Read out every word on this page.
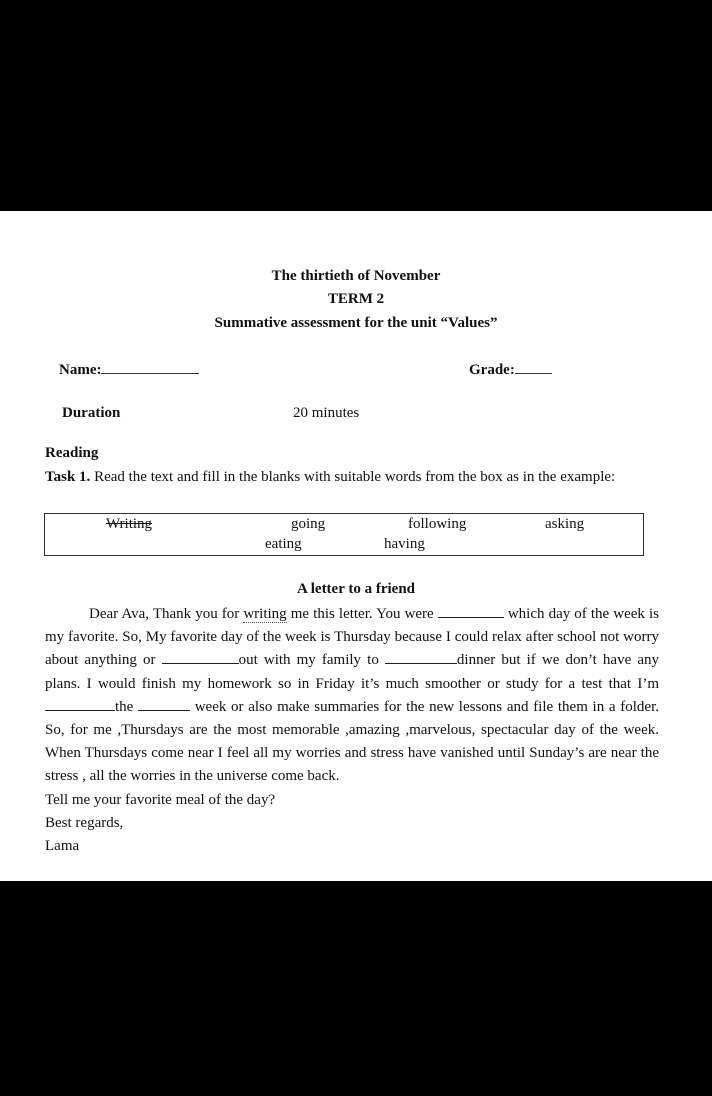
The thirtieth of November
TERM 2
Summative assessment for the unit “Values”
Name:	Grade:
Duration	20 minutes
Reading
Task 1. Read the text and fill in the blanks with suitable words from the box as in the example:
Writing	going	following	asking
eating	having
A letter to a friend

Dear Ava, Thank you for writing me this letter. You were	which day of the week is my favorite. So, My favorite day of the week is Thursday because I could relax after school not worry about anything or	out with my family to	dinner but if we don’t have any plans. I would finish my homework so in Friday it’s much smoother or study for a test that I’m the	week or also make summaries for the new lessons and file them in a folder. So, for me ,Thursdays are the most memorable ,amazing ,marvelous, spectacular day of the week. When Thursdays come near I feel all my worries and stress have vanished until Sunday’s are near the stress , all the worries in the universe come back.

Tell me your favorite meal of the day?

Best regards,

Lama
